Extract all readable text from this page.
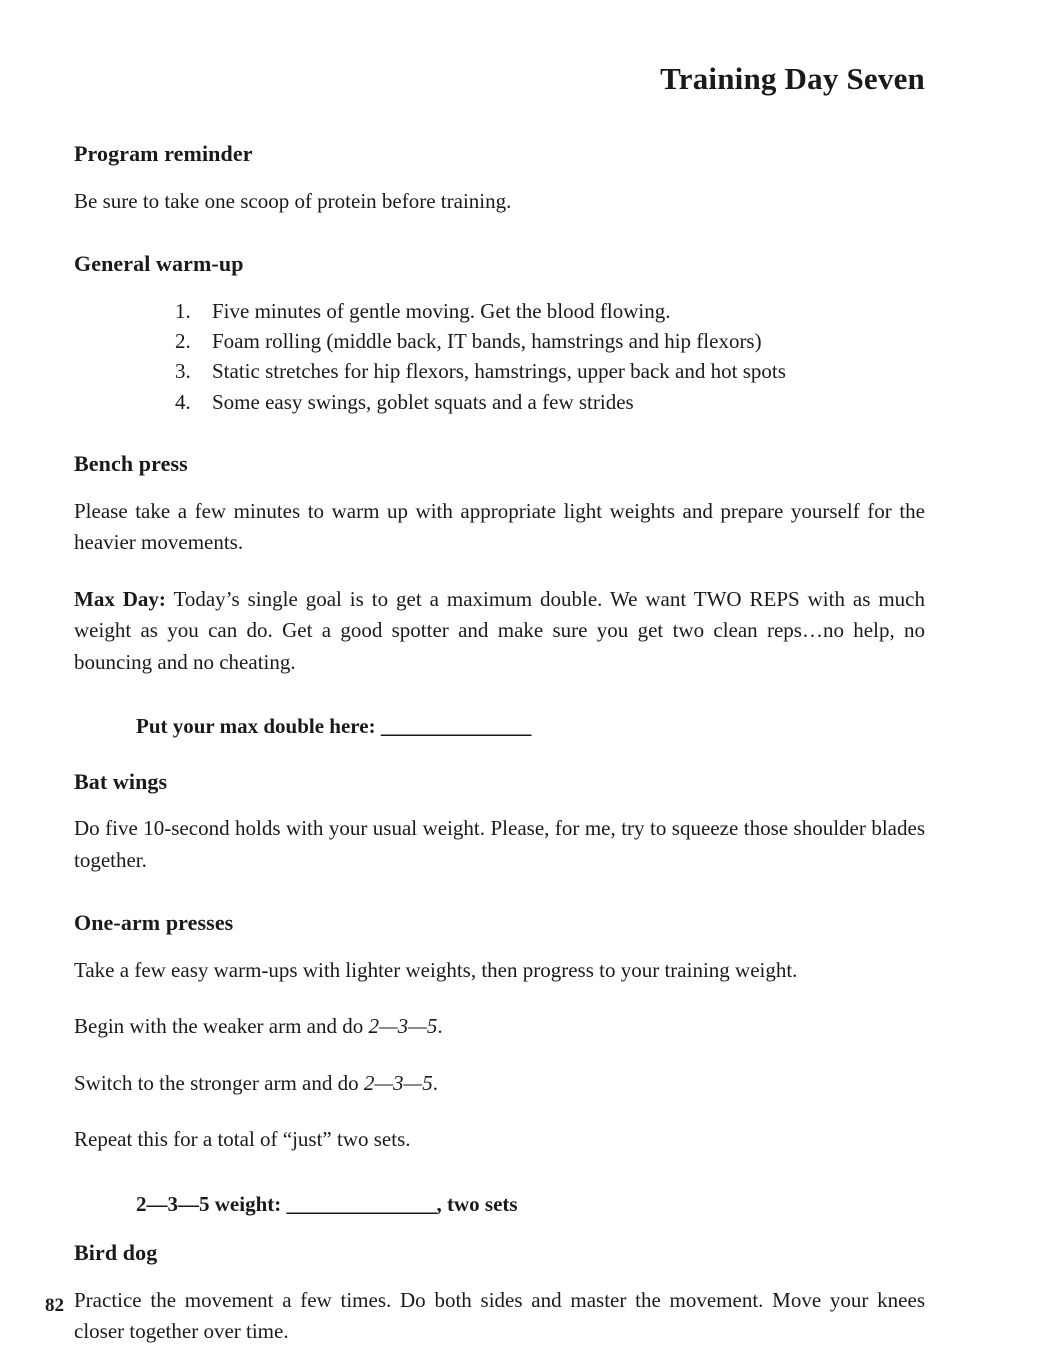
Training Day Seven
Program reminder

Be sure to take one scoop of protein before training.

General warm-up
1.	Five minutes of gentle moving. Get the blood flowing.
2.	Foam rolling (middle back, IT bands, hamstrings and hip flexors)
3.	Static stretches for hip flexors, hamstrings, upper back and hot spots
4.	Some easy swings, goblet squats and a few strides
Bench press

Please take a few minutes to warm up with appropriate light weights and prepare yourself for the heavier movements.

Max Day: Today’s single goal is to get a maximum double. We want TWO REPS with as much weight as you can do. Get a good spotter and make sure you get two clean reps…no help, no bouncing and no cheating.

Put your max double here: _______________

Bat wings

Do five 10-second holds with your usual weight. Please, for me, try to squeeze those shoulder blades together.

One-arm presses

Take a few easy warm-ups with lighter weights, then progress to your training weight.

Begin with the weaker arm and do 2—3—5.

Switch to the stronger arm and do 2—3—5.

Repeat this for a total of “just” two sets.

2—3—5 weight: _______________, two sets

Bird dog

Practice the movement a few times. Do both sides and master the movement. Move your knees closer together over time.

82
